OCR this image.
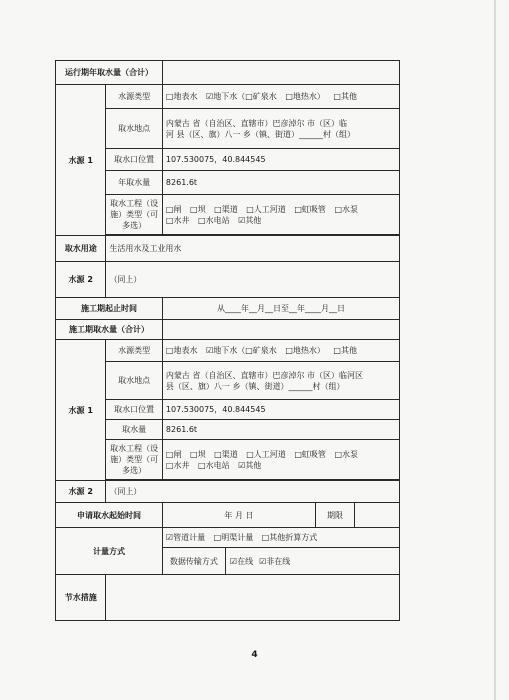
运行期年取水量（合计）		
水源 1	水源类型	□地表水 ☑地下水（□矿泉水 □地热水） □其他
	取水地点	内蒙古 省（自治区、直辖市）巴彦淖尔 市（区）临
河 县（区、旗）八一 乡（镇、街道）______村（组）

	取水口位置	107.530075，40.844545
	年取水量	8261.6t
	取水工程（设施）类型（可多选）	□闸 □坝 □渠道 □人工河道 □虹吸管 □水泵
□水井 □水电站 ☑其他

取水用途	生活用水及工业用水	
水源 2	（同上）	
施工期起止时间		从____年__月__日至__年____月__日
施工期取水量（合计）		
水源 1	水源类型	□地表水 ☑地下水（□矿泉水 □地热水） □其他
	取水地点	内蒙古 省（自治区、直辖市）巴彦淖尔 市（区）临河区
县（区、旗）八一 乡（镇、街道）______村（组）

	取水口位置	107.530075，40.844545
	取水量	8261.6t
	取水工程（设施）类型（可多选）	□闸 □坝 □渠道 □人工河道 □虹吸管 □水泵
□水井 □水电站 ☑其他

水源 2	（同上）	
申请取水起始时间		年 月 日 期限

计量方式		☑管道计量 □明渠计量 □其他折算方式

数据传输方式 ☑在线 ☑非在线

节水措施		
4
